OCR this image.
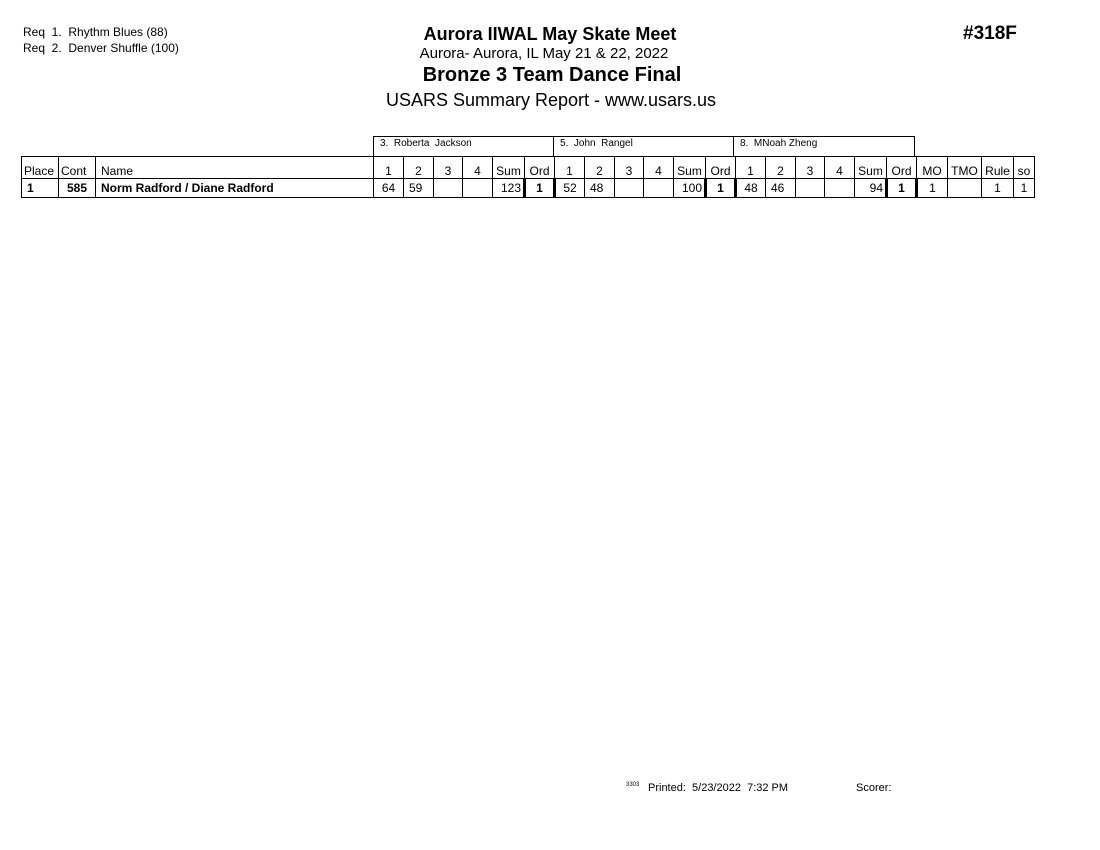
Req  1.  Rhythm Blues (88)
Req  2.  Denver Shuffle (100)
Aurora IIWAL May Skate Meet
Aurora- Aurora, IL May 21 & 22, 2022
Bronze 3 Team Dance Final
USARS Summary Report - www.usars.us
#318F
3.  Roberta  Jackson	5.  John  Rangel	8.  MNoah Zheng
Place	Cont	Name	1	2	3	4	Sum	Ord	1	2	3	4	Sum	Ord	1	2	3	4	Sum	Ord	MO	TMO	Rule	so
1	585	Norm Radford / Diane Radford	64	59			123	1	52	48			100	1	48	46			94	1	1		1	1
3303 Printed:  5/23/2022  7:32 PM	Scorer:
